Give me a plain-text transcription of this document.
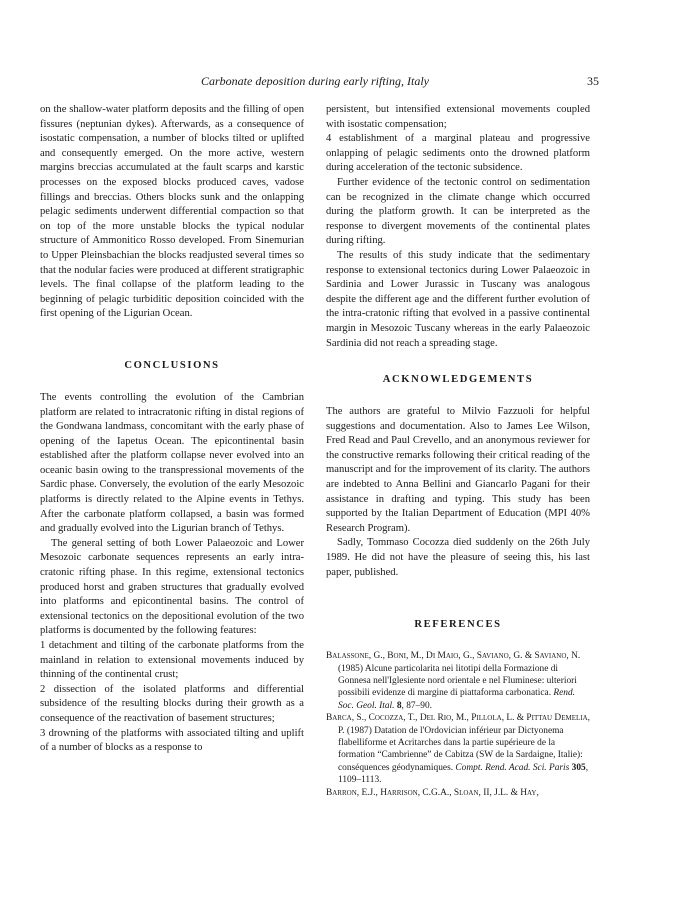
Carbonate deposition during early rifting, Italy	35

on the shallow-water platform deposits and the filling of open fissures (neptunian dykes). Afterwards, as a consequence of isostatic compensation, a number of blocks tilted or uplifted and consequently emerged. On the more active, western margins breccias accumulated at the fault scarps and karstic processes on the exposed blocks produced caves, vadose fillings and breccias. Others blocks sunk and the onlapping pelagic sediments underwent differential compaction so that on top of the more unstable blocks the typical nodular structure of Ammonitico Rosso developed. From Sinemurian to Upper Pleinsbachian the blocks readjusted several times so that the nodular facies were produced at different stratigraphic levels. The final collapse of the platform leading to the beginning of pelagic turbiditic deposition coincided with the first opening of the Ligurian Ocean.

CONCLUSIONS

The events controlling the evolution of the Cambrian platform are related to intracratonic rifting in distal regions of the Gondwana landmass, concomitant with the early phase of opening of the Iapetus Ocean. The epicontinental basin established after the platform collapse never evolved into an oceanic basin owing to the transpressional movements of the Sardic phase. Conversely, the evolution of the early Mesozoic platforms is directly related to the Alpine events in Tethys. After the carbonate platform collapsed, a basin was formed and gradually evolved into the Ligurian branch of Tethys.

The general setting of both Lower Palaeozoic and Lower Mesozoic carbonate sequences represents an early intra-cratonic rifting phase. In this regime, extensional tectonics produced horst and graben structures that gradually evolved into platforms and epicontinental basins. The control of extensional tectonics on the depositional evolution of the two platforms is documented by the following features:

1 detachment and tilting of the carbonate platforms from the mainland in relation to extensional movements induced by thinning of the continental crust;

2 dissection of the isolated platforms and differential subsidence of the resulting blocks during their growth as a consequence of the reactivation of basement structures;

3 drowning of the platforms with associated tilting and uplift of a number of blocks as a response to

persistent, but intensified extensional movements coupled with isostatic compensation;

4 establishment of a marginal plateau and progressive onlapping of pelagic sediments onto the drowned platform during acceleration of the tectonic subsidence.

Further evidence of the tectonic control on sedimentation can be recognized in the climate change which occurred during the platform growth. It can be interpreted as the response to divergent movements of the continental plates during rifting.

The results of this study indicate that the sedimentary response to extensional tectonics during Lower Palaeozoic in Sardinia and Lower Jurassic in Tuscany was analogous despite the different age and the different further evolution of the intra-cratonic rifting that evolved in a passive continental margin in Mesozoic Tuscany whereas in the early Palaeozoic Sardinia did not reach a spreading stage.

ACKNOWLEDGEMENTS

The authors are grateful to Milvio Fazzuoli for helpful suggestions and documentation. Also to James Lee Wilson, Fred Read and Paul Crevello, and an anonymous reviewer for the constructive remarks following their critical reading of the manuscript and for the improvement of its clarity. The authors are indebted to Anna Bellini and Giancarlo Pagani for their assistance in drafting and typing. This study has been supported by the Italian Department of Education (MPI 40% Research Program).

Sadly, Tommaso Cocozza died suddenly on the 26th July 1989. He did not have the pleasure of seeing this, his last paper, published.

REFERENCES

Balassone, G., Boni, M., Di Maio, G., Saviano, G. & Saviano, N. (1985) Alcune particolarita nei litotipi della Formazione di Gonnesa nell'Iglesiente nord orientale e nel Fluminese: ulteriori possibili evidenze di margine di piattaforma carbonatica. Rend. Soc. Geol. Ital. 8, 87–90.

Barca, S., Cocozza, T., Del Rio, M., Pillola, L. & Pittau Demelia, P. (1987) Datation de l'Ordovician inférieur par Dictyonema flabelliforme et Acritarches dans la partie supérieure de la formation “Cambrienne” de Cabitza (SW de la Sardaigne, Italie): conséquences géodynamiques. Compt. Rend. Acad. Sci. Paris 305, 1109–1113.

Barron, E.J., Harrison, C.G.A., Sloan, II, J.L. & Hay,
